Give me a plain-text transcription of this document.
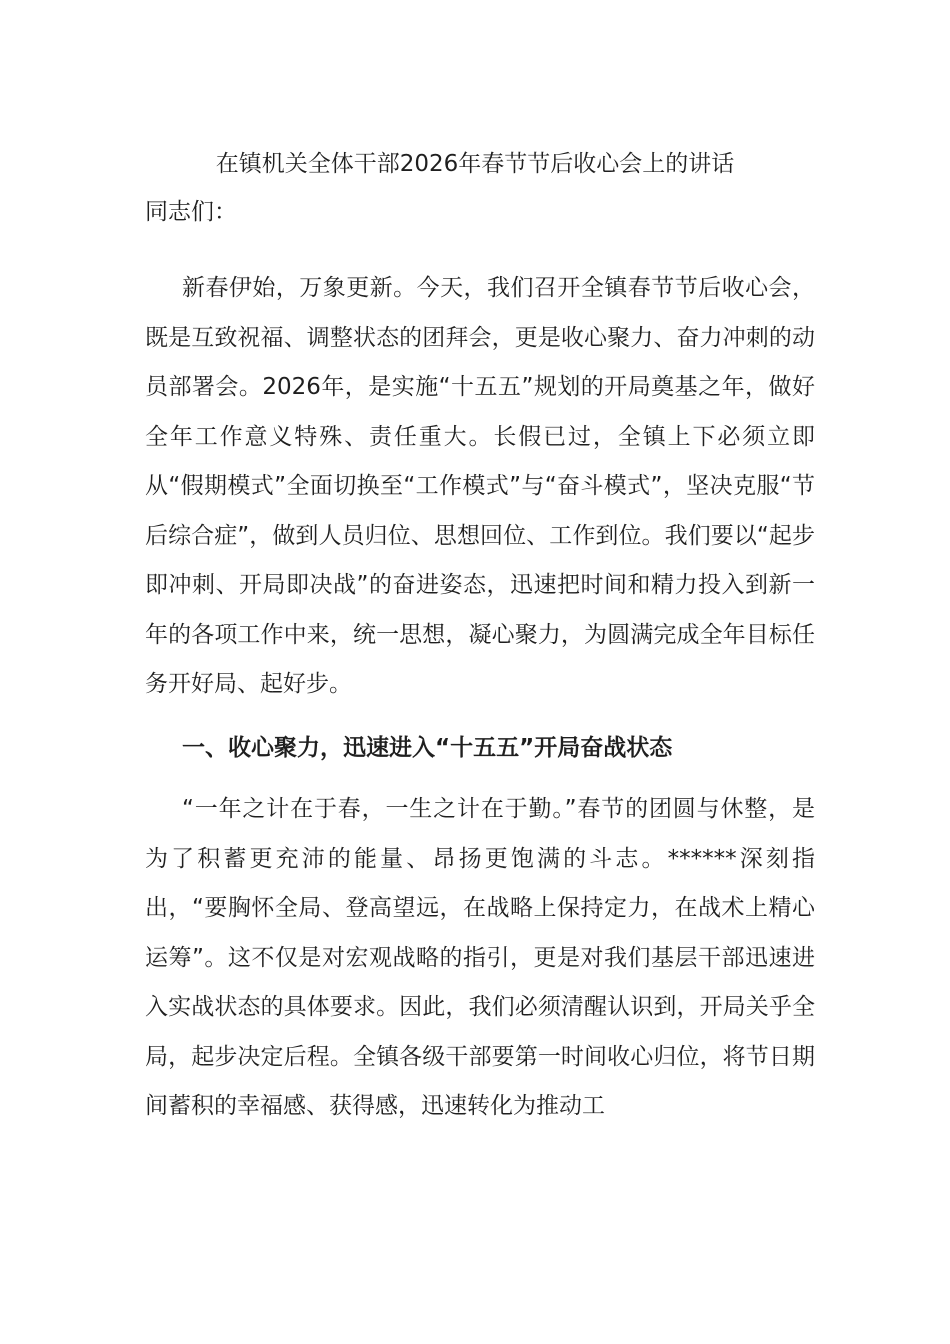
在镇机关全体干部2026年春节节后收心会上的讲话
同志们：

新春伊始，万象更新。今天，我们召开全镇春节节后收心会，既是互致祝福、调整状态的团拜会，更是收心聚力、奋力冲刺的动员部署会。2026年，是实施“十五五”规划的开局奠基之年，做好全年工作意义特殊、责任重大。长假已过，全镇上下必须立即从“假期模式”全面切换至“工作模式”与“奋斗模式”，坚决克服“节后综合症”，做到人员归位、思想回位、工作到位。我们要以“起步即冲刺、开局即决战”的奋进姿态，迅速把时间和精力投入到新一年的各项工作中来，统一思想，凝心聚力，为圆满完成全年目标任务开好局、起好步。

一、收心聚力，迅速进入“十五五”开局奋战状态

“一年之计在于春，一生之计在于勤。”春节的团圆与休整，是为了积蓄更充沛的能量、昂扬更饱满的斗志。******深刻指出，“要胸怀全局、登高望远，在战略上保持定力，在战术上精心运筹”。这不仅是对宏观战略的指引，更是对我们基层干部迅速进入实战状态的具体要求。因此，我们必须清醒认识到，开局关乎全局，起步决定后程。全镇各级干部要第一时间收心归位，将节日期间蓄积的幸福感、获得感，迅速转化为推动工
